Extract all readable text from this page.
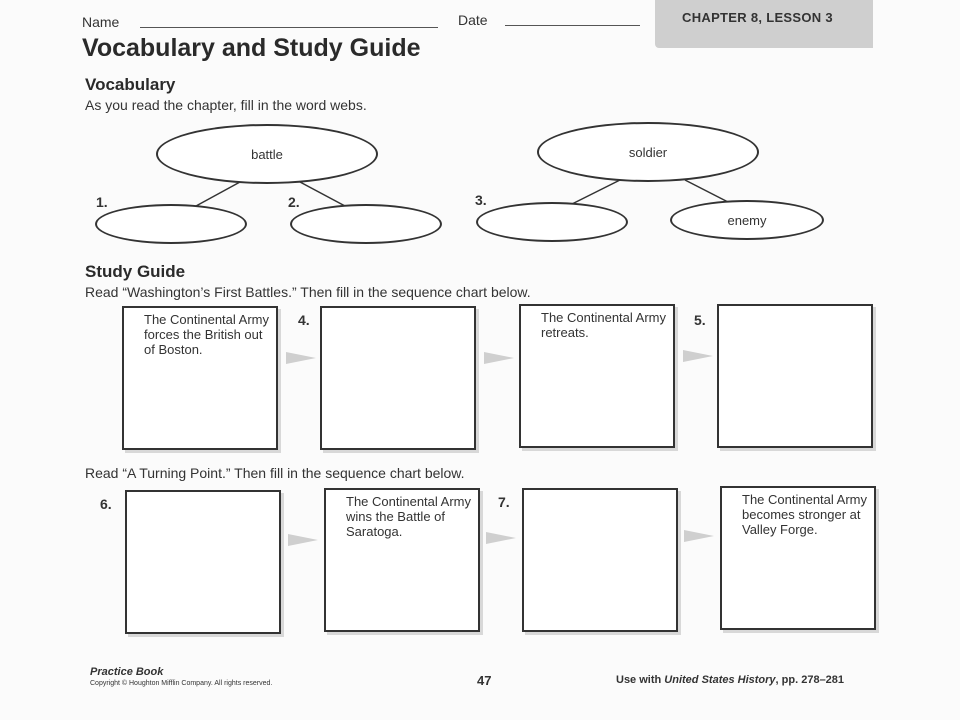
Name	Date	CHAPTER 8, LESSON 3
Vocabulary and Study Guide
Vocabulary
As you read the chapter, fill in the word webs.
battle
1.	2.
soldier
3.
enemy
Study Guide
Read “Washington’s First Battles.” Then fill in the sequence chart below.
The Continental Army forces the British out of Boston.
4.	The Continental Army retreats.
5.
Read “A Turning Point.” Then fill in the sequence chart below.
6.	The Continental Army wins the Battle of Saratoga.
7.	The Continental Army becomes stronger at Valley Forge.
Practice Book
Copyright © Houghton Mifflin Company. All rights reserved.	47	Use with United States History, pp. 278–281
